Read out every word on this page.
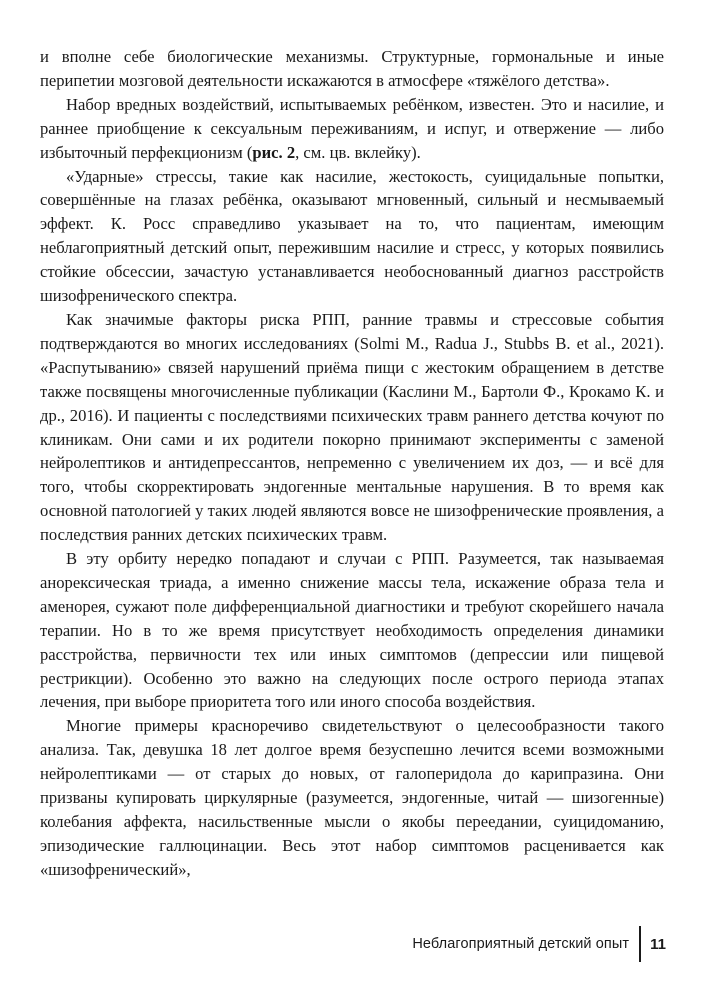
и вполне себе биологические механизмы. Структурные, гормональные и иные перипетии мозговой деятельности искажаются в атмосфере «тяжёлого детства».

Набор вредных воздействий, испытываемых ребёнком, известен. Это и насилие, и раннее приобщение к сексуальным переживаниям, и испуг, и отвержение — либо избыточный перфекционизм (рис. 2, см. цв. вклейку).

«Ударные» стрессы, такие как насилие, жестокость, суицидальные попытки, совершённые на глазах ребёнка, оказывают мгновенный, сильный и несмываемый эффект. К. Росс справедливо указывает на то, что пациентам, имеющим неблагоприятный детский опыт, пережившим насилие и стресс, у которых появились стойкие обсессии, зачастую устанавливается необоснованный диагноз расстройств шизофренического спектра.

Как значимые факторы риска РПП, ранние травмы и стрессовые события подтверждаются во многих исследованиях (Solmi M., Radua J., Stubbs B. et al., 2021). «Распутыванию» связей нарушений приёма пищи с жестоким обращением в детстве также посвящены многочисленные публикации (Каслини М., Бартоли Ф., Крокамо К. и др., 2016). И пациенты с последствиями психических травм раннего детства кочуют по клиникам. Они сами и их родители покорно принимают эксперименты с заменой нейролептиков и антидепрессантов, непременно с увеличением их доз, — и всё для того, чтобы скорректировать эндогенные ментальные нарушения. В то время как основной патологией у таких людей являются вовсе не шизофренические проявления, а последствия ранних детских психических травм.

В эту орбиту нередко попадают и случаи с РПП. Разумеется, так называемая анорексическая триада, а именно снижение массы тела, искажение образа тела и аменорея, сужают поле дифференциальной диагностики и требуют скорейшего начала терапии. Но в то же время присутствует необходимость определения динамики расстройства, первичности тех или иных симптомов (депрессии или пищевой рестрикции). Особенно это важно на следующих после острого периода этапах лечения, при выборе приоритета того или иного способа воздействия.

Многие примеры красноречиво свидетельствуют о целесообразности такого анализа. Так, девушка 18 лет долгое время безуспешно лечится всеми возможными нейролептиками — от старых до новых, от галоперидола до карипразина. Они призваны купировать циркулярные (разумеется, эндогенные, читай — шизогенные) колебания аффекта, насильственные мысли о якобы переедании, суицидоманию, эпизодические галлюцинации. Весь этот набор симптомов расценивается как «шизофренический»,

Неблагоприятный детский опыт	11
